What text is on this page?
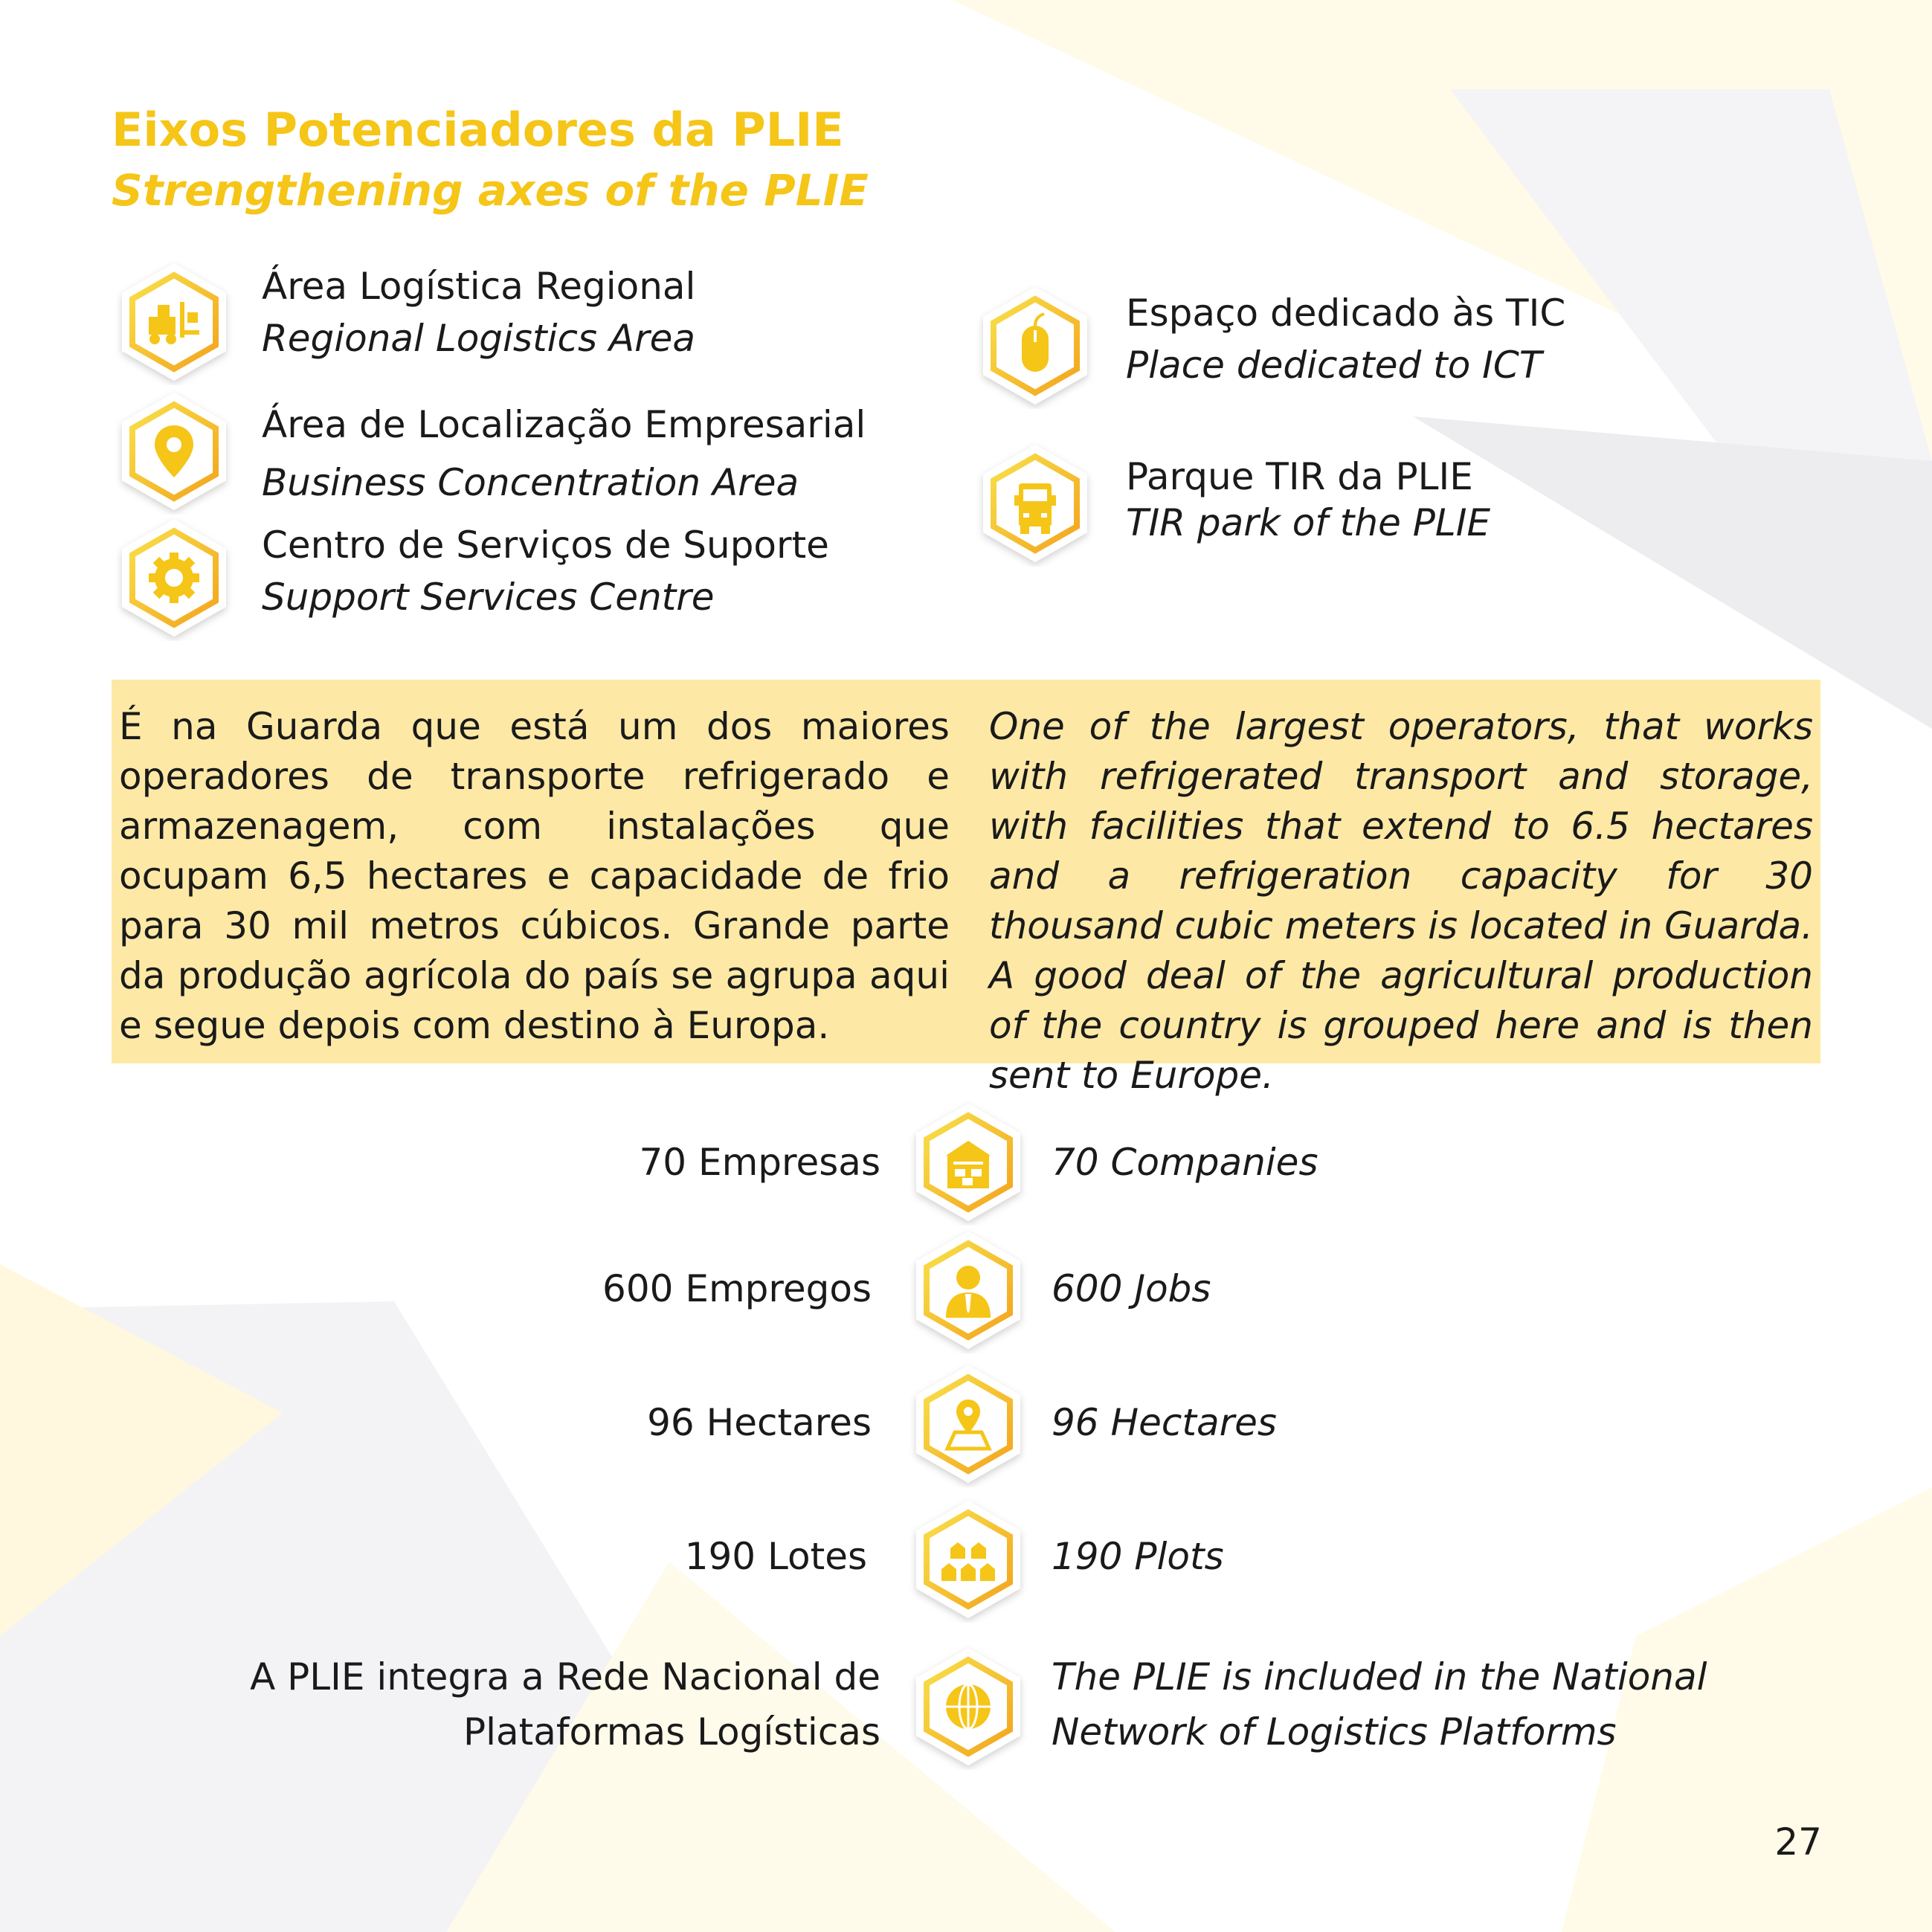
Eixos Potenciadores da PLIE
Strengthening axes of the PLIE
Área Logística Regional
Regional Logistics Area
Área de Localização Empresarial
Business Concentration Area
Centro de Serviços de Suporte
Support Services Centre
Espaço dedicado às TIC
Place dedicated to ICT
Parque TIR da PLIE
TIR park of the PLIE

É na Guarda que está um dos maiores operadores de transporte refrigerado e armazenagem, com instalações que ocupam 6,5 hectares e capacidade de frio para 30 mil metros cúbicos. Grande parte da produção agrícola do país se agrupa aqui e segue depois com destino à Europa.

One of the largest operators, that works with refrigerated transport and storage, with facilities that extend to 6.5 hectares and a refrigeration capacity for 30 thousand cubic meters is located in Guarda. A good deal of the agricultural production of the country is grouped here and is then sent to Europe.

70 Empresas	70 Companies
600 Empregos	600 Jobs
96 Hectares	96 Hectares
190 Lotes	190 Plots
A PLIE integra a Rede Nacional de
Plataformas Logísticas
The PLIE is included in the National
Network of Logistics Platforms
27
